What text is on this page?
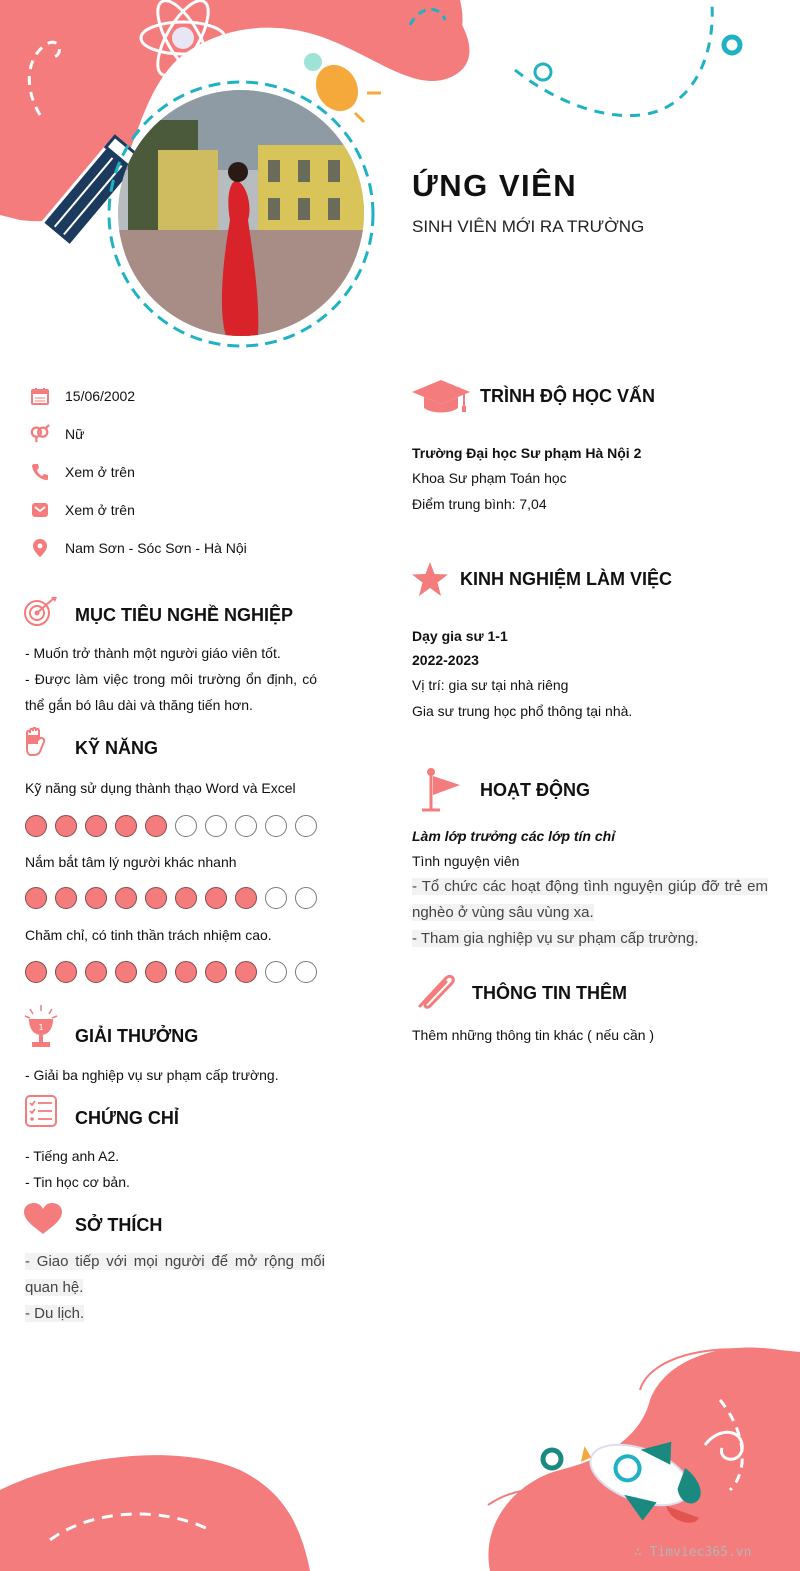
ỨNG VIÊN
SINH VIÊN MỚI RA TRƯỜNG
15/06/2002
Nữ
Xem ở trên
Xem ở trên
Nam Sơn - Sóc Sơn - Hà Nội
MỤC TIÊU NGHỀ NGHIỆP
- Muốn trở thành một người giáo viên tốt.
- Được làm việc trong môi trường ổn định, có thể gắn bó lâu dài và thăng tiến hơn.
KỸ NĂNG
Kỹ năng sử dụng thành thạo Word và Excel
Nắm bắt tâm lý người khác nhanh
Chăm chỉ, có tinh thần trách nhiệm cao.
1 GIẢI THƯỞNG
- Giải ba nghiệp vụ sư phạm cấp trường.
CHỨNG CHỈ
- Tiếng anh A2.
- Tin học cơ bản.
SỞ THÍCH
- Giao tiếp với mọi người để mở rộng mối quan hệ.
- Du lịch.
TRÌNH ĐỘ HỌC VẤN
Trường Đại học Sư phạm Hà Nội 2
Khoa Sư phạm Toán học
Điểm trung bình: 7,04
KINH NGHIỆM LÀM VIỆC
Dạy gia sư 1-1
2022-2023
Vị trí: gia sư tại nhà riêng
Gia sư trung học phổ thông tại nhà.
HOẠT ĐỘNG
Làm lớp trưởng các lớp tín chỉ
Tình nguyện viên
- Tổ chức các hoạt động tình nguyện giúp đỡ trẻ em nghèo ở vùng sâu vùng xa.
- Tham gia nghiệp vụ sư phạm cấp trường.
THÔNG TIN THÊM
Thêm những thông tin khác ( nếu cần )
∴ Timviec365.vn
